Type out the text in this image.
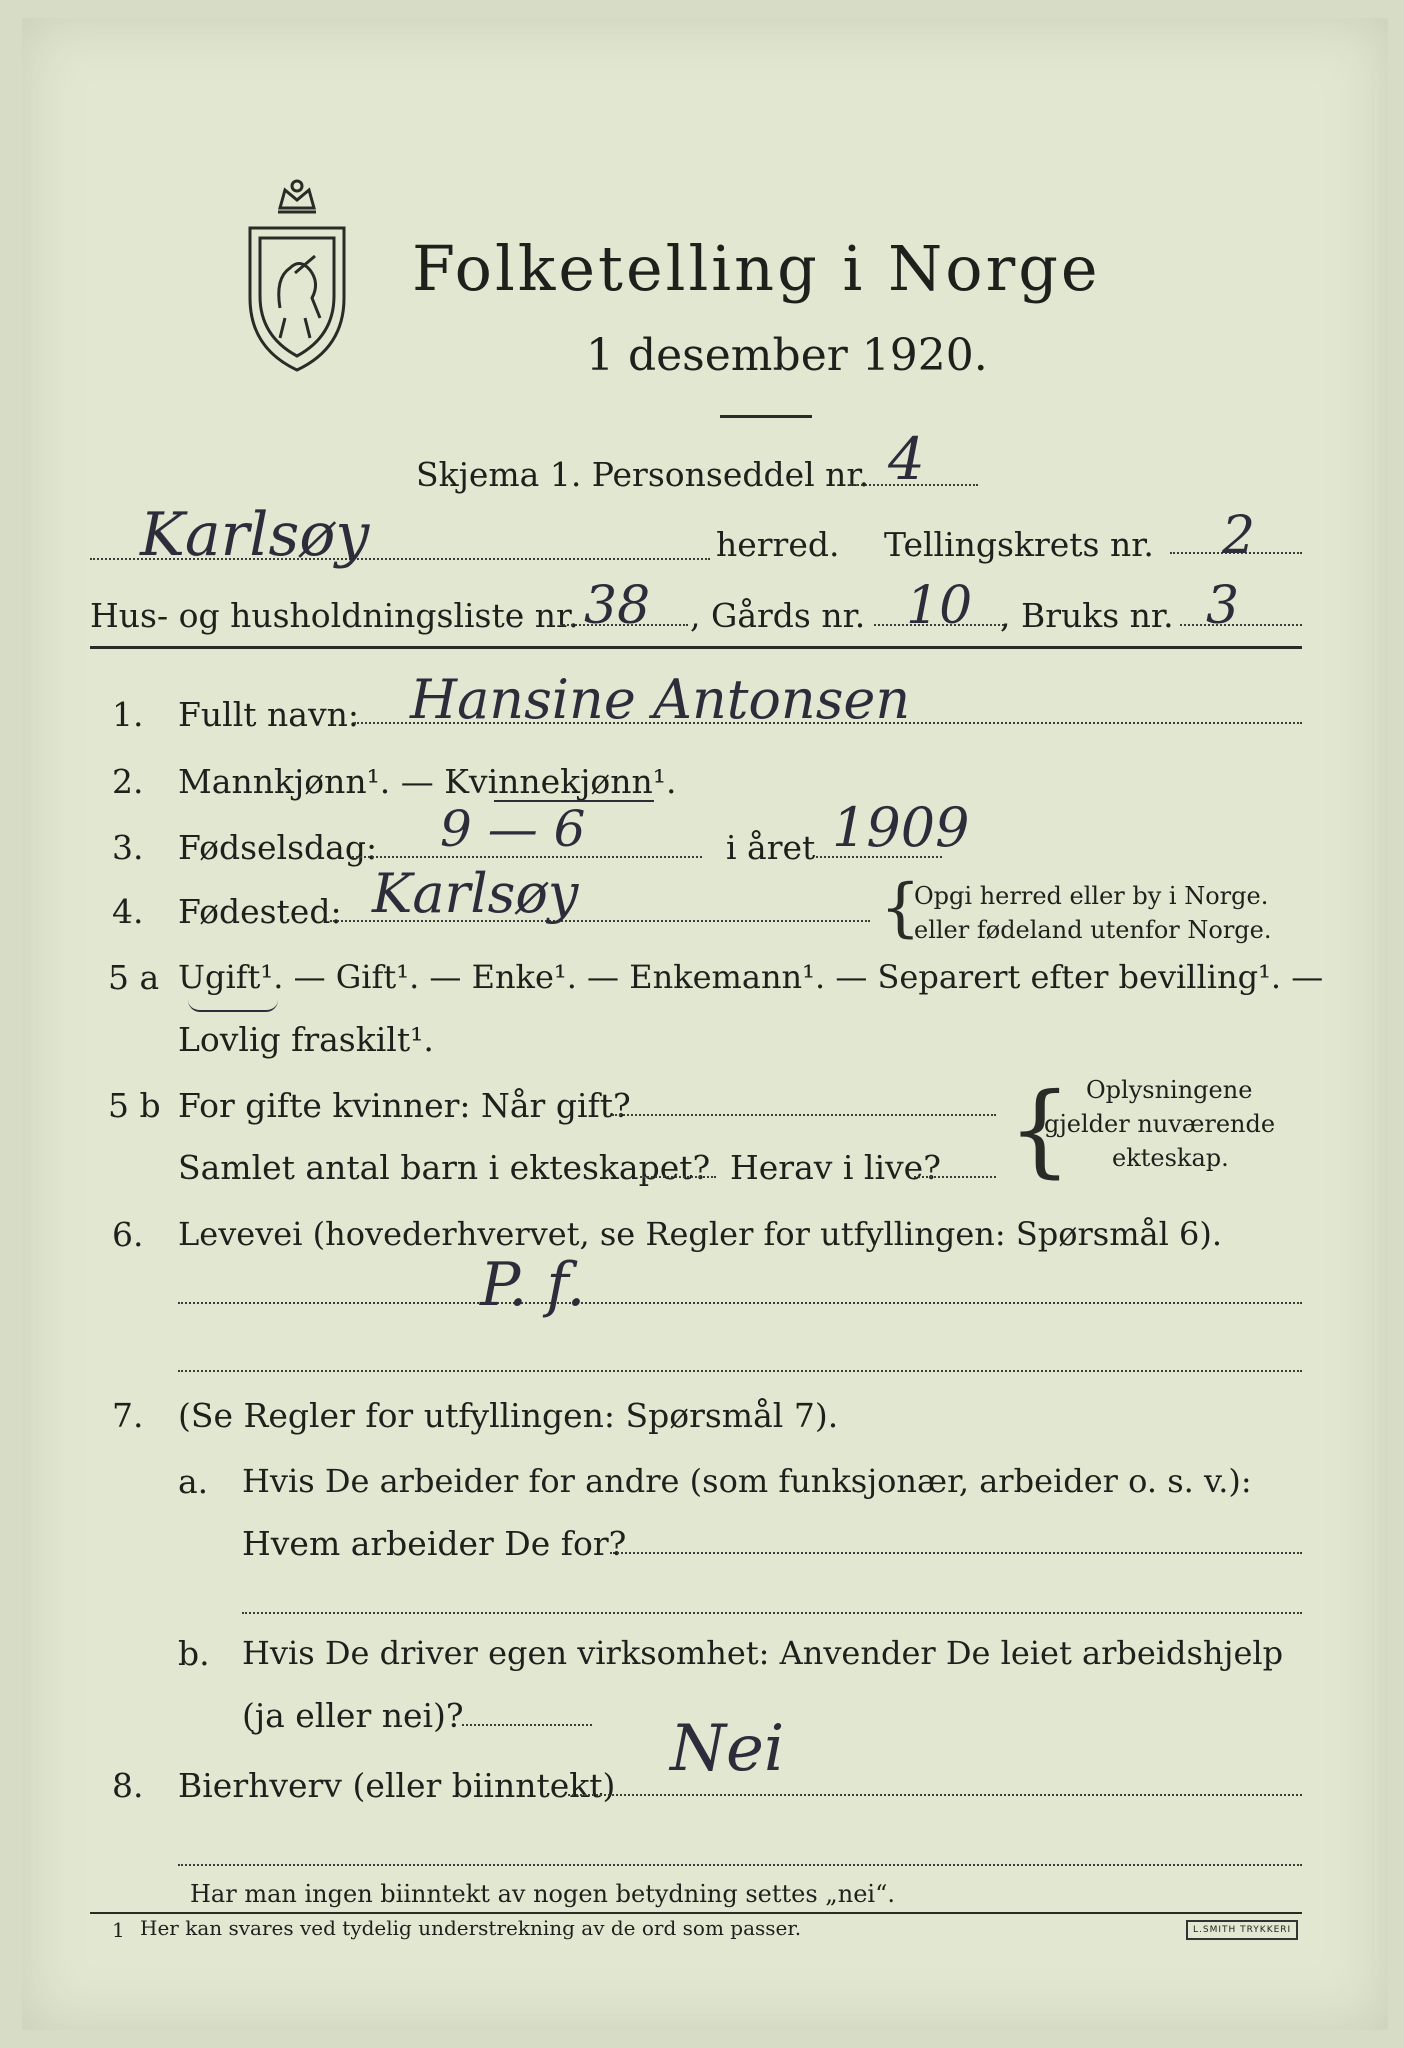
Folketelling i Norge
1 desember 1920.
Skjema 1. Personseddel nr. 4
Karlsøy	herred. Tellingskrets nr. 2
Hus- og husholdningsliste nr. 38 , Gårds nr. 10 , Bruks nr. 3
1. Fullt navn: Hansine Antonsen
2. Mannkjønn¹. — Kvinnekjønn¹.
3. Fødselsdag: 9 — 6	i året 1909
4. Fødested: Karlsøy	{
Opgi herred eller by i Norge.
eller fødeland utenfor Norge.
5 a Ugift¹. — Gift¹. — Enke¹. — Enkemann¹. — Separert efter bevilling¹. —
Lovlig fraskilt¹.
5 b For gifte kvinner: Når gift?
Samlet antal barn i ekteskapet? Herav i live? { Oplysningene
gjelder nuværende
ekteskap.
6. Levevei (hovederhvervet, se Regler for utfyllingen: Spørsmål 6).
P. f.
7. (Se Regler for utfyllingen: Spørsmål 7).
a. Hvis De arbeider for andre (som funksjonær, arbeider o. s. v.):
Hvem arbeider De for?
b. Hvis De driver egen virksomhet: Anvender De leiet arbeidshjelp
(ja eller nei)?
8. Bierhverv (eller biinntekt) Nei
Har man ingen biinntekt av nogen betydning settes „nei“.
1 Her kan svares ved tydelig understrekning av de ord som passer.	L.SMITH TRYKKERI
